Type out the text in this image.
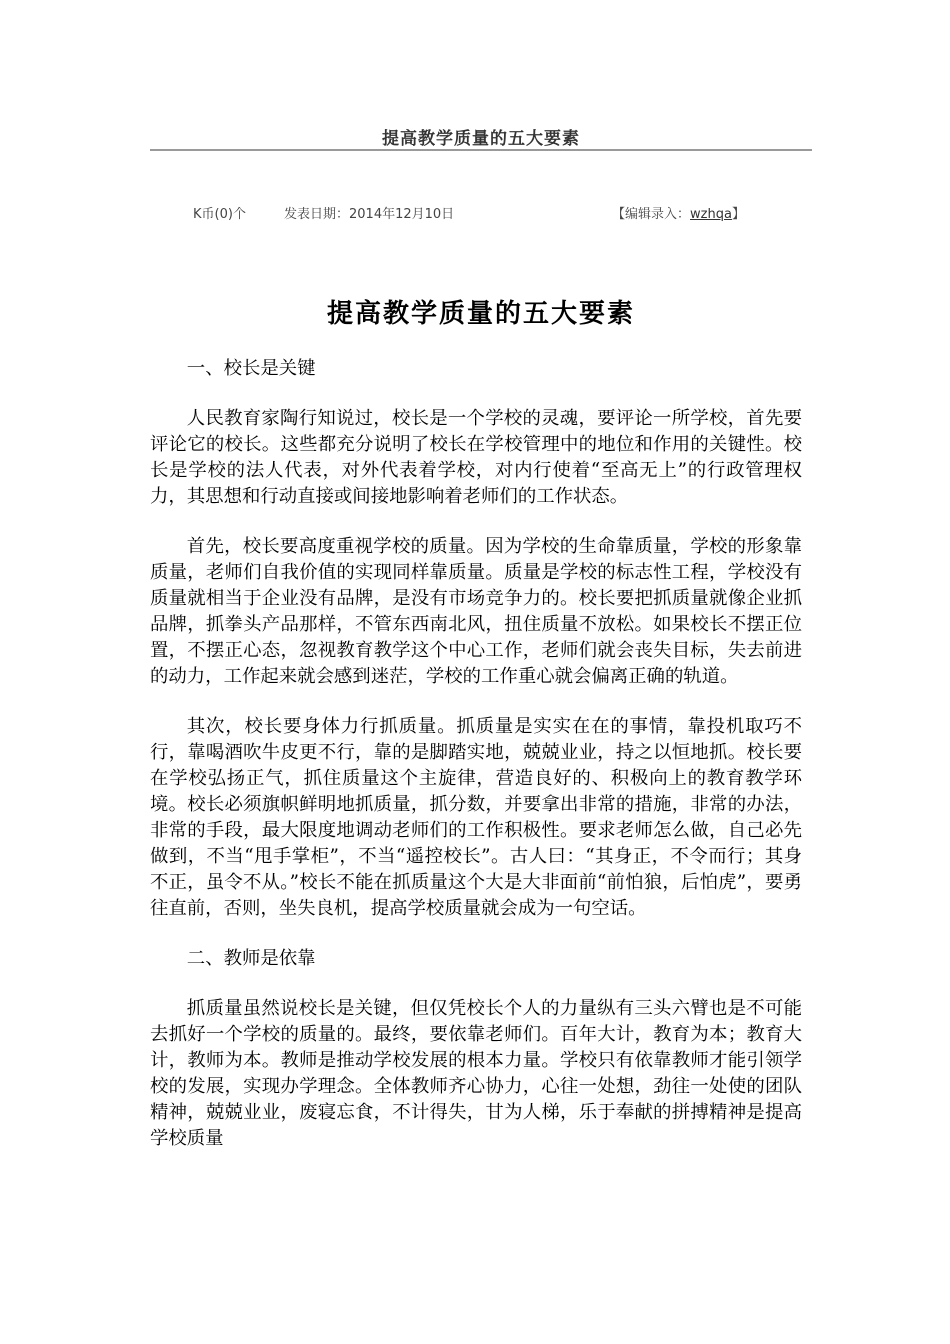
提高教学质量的五大要素
K币(0)个	发表日期：2014年12月10日	【编辑录入：wzhqa】
提高教学质量的五大要素

一、校长是关键

人民教育家陶行知说过，校长是一个学校的灵魂，要评论一所学校，首先要评论它的校长。这些都充分说明了校长在学校管理中的地位和作用的关键性。校长是学校的法人代表，对外代表着学校，对内行使着“至高无上”的行政管理权力，其思想和行动直接或间接地影响着老师们的工作状态。

首先，校长要高度重视学校的质量。因为学校的生命靠质量，学校的形象靠质量，老师们自我价值的实现同样靠质量。质量是学校的标志性工程，学校没有质量就相当于企业没有品牌，是没有市场竞争力的。校长要把抓质量就像企业抓品牌，抓拳头产品那样，不管东西南北风，扭住质量不放松。如果校长不摆正位置，不摆正心态，忽视教育教学这个中心工作，老师们就会丧失目标，失去前进的动力，工作起来就会感到迷茫，学校的工作重心就会偏离正确的轨道。

其次，校长要身体力行抓质量。抓质量是实实在在的事情，靠投机取巧不行，靠喝酒吹牛皮更不行，靠的是脚踏实地，兢兢业业，持之以恒地抓。校长要在学校弘扬正气，抓住质量这个主旋律，营造良好的、积极向上的教育教学环境。校长必须旗帜鲜明地抓质量，抓分数，并要拿出非常的措施，非常的办法，非常的手段，最大限度地调动老师们的工作积极性。要求老师怎么做，自己必先做到，不当“甩手掌柜”，不当“遥控校长”。古人曰：“其身正，不令而行；其身不正，虽令不从。”校长不能在抓质量这个大是大非面前“前怕狼，后怕虎”，要勇往直前，否则，坐失良机，提高学校质量就会成为一句空话。

二、教师是依靠

抓质量虽然说校长是关键，但仅凭校长个人的力量纵有三头六臂也是不可能去抓好一个学校的质量的。最终，要依靠老师们。百年大计，教育为本；教育大计，教师为本。教师是推动学校发展的根本力量。学校只有依靠教师才能引领学校的发展，实现办学理念。全体教师齐心协力，心往一处想，劲往一处使的团队精神，兢兢业业，废寝忘食，不计得失，甘为人梯，乐于奉献的拼搏精神是提高学校质量
